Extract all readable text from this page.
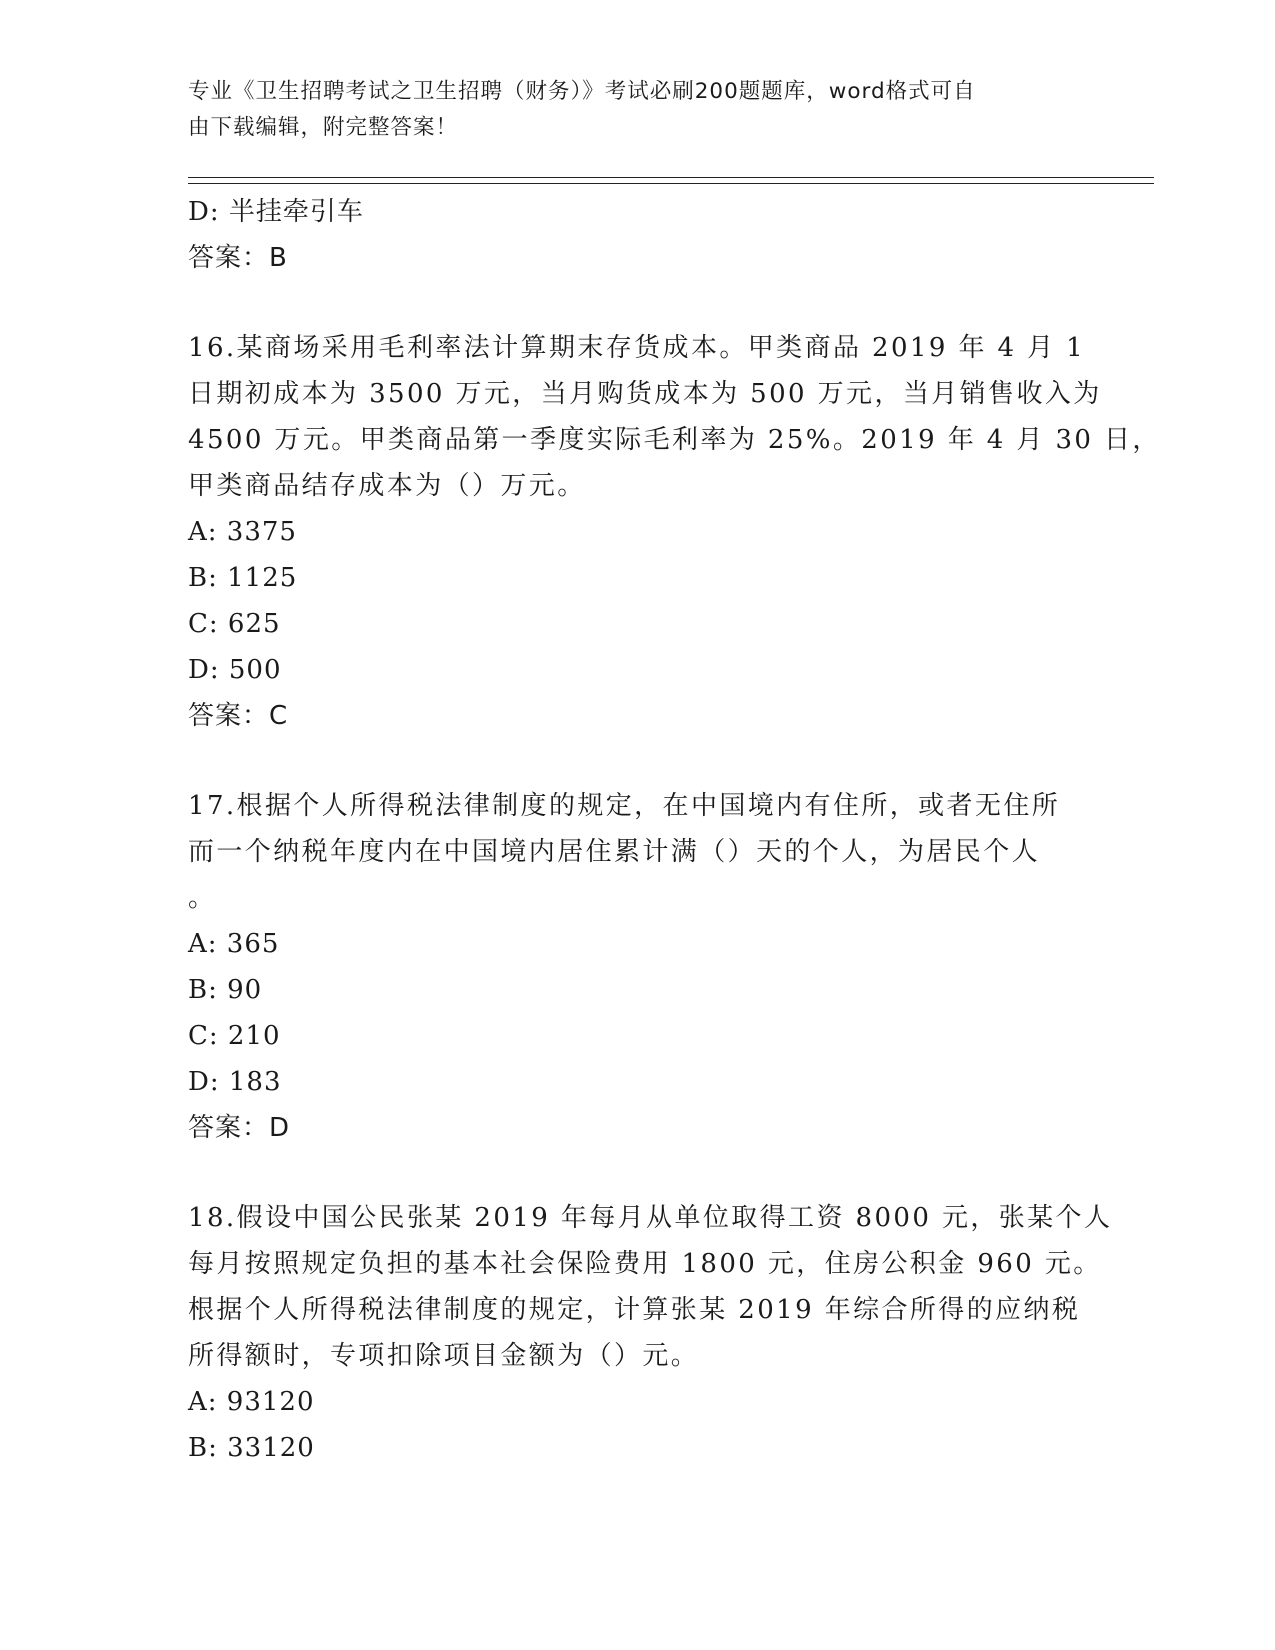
专业《卫生招聘考试之卫生招聘（财务）》考试必刷200题题库，word格式可自
由下载编辑，附完整答案！
D: 半挂牵引车
答案：B
16.某商场采用毛利率法计算期末存货成本。甲类商品 2019 年 4 月 1
日期初成本为 3500 万元，当月购货成本为 500 万元，当月销售收入为
4500 万元。甲类商品第一季度实际毛利率为 25%。2019 年 4 月 30 日，
甲类商品结存成本为（）万元。
A: 3375
B: 1125
C: 625
D: 500
答案：C
17.根据个人所得税法律制度的规定，在中国境内有住所，或者无住所
而一个纳税年度内在中国境内居住累计满（）天的个人，为居民个人
。
A: 365
B: 90
C: 210
D: 183
答案：D
18.假设中国公民张某 2019 年每月从单位取得工资 8000 元，张某个人
每月按照规定负担的基本社会保险费用 1800 元，住房公积金 960 元。
根据个人所得税法律制度的规定，计算张某 2019 年综合所得的应纳税
所得额时，专项扣除项目金额为（）元。
A: 93120
B: 33120
